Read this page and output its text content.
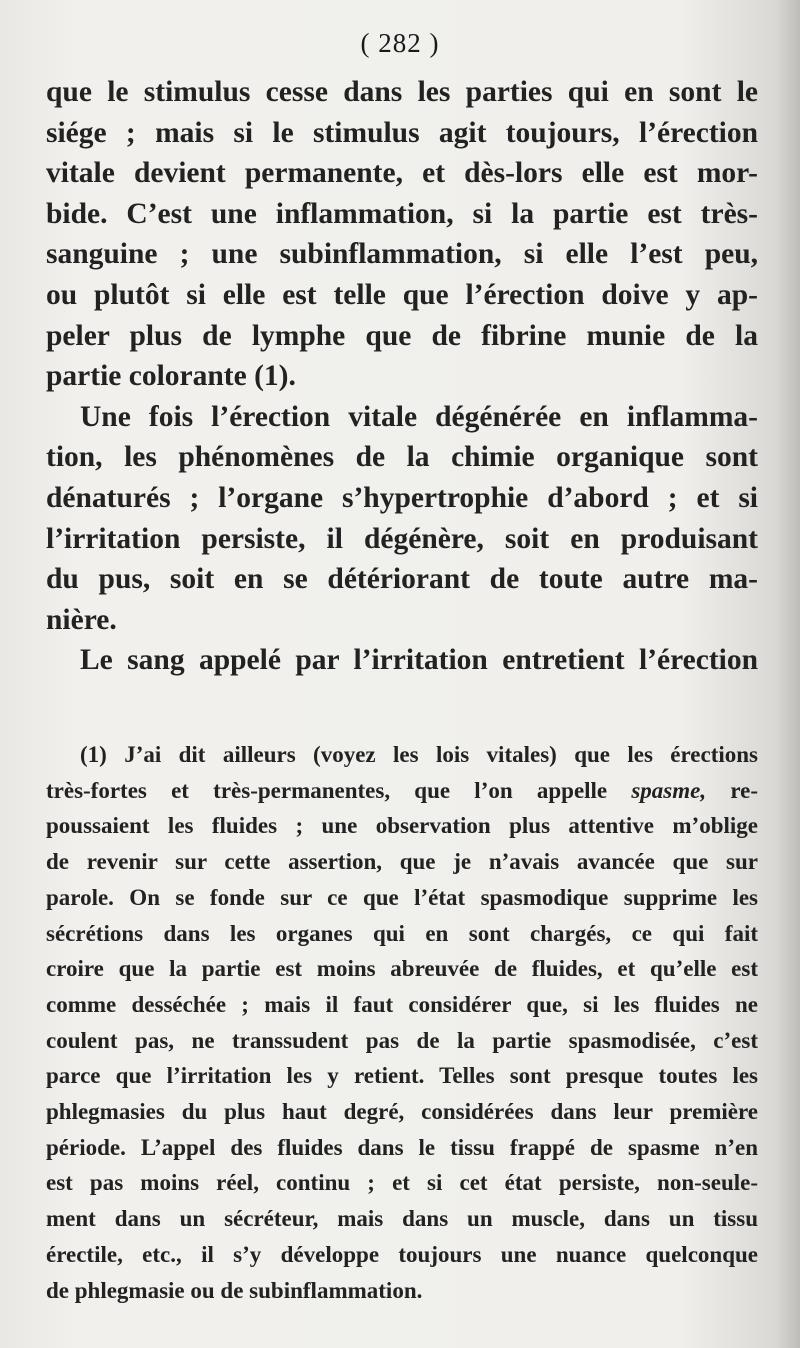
( 282 )
que le stimulus cesse dans les parties qui en sont le
siége ; mais si le stimulus agit toujours, l’érection
vitale devient permanente, et dès-lors elle est mor-
bide. C’est une inflammation, si la partie est très-
sanguine ; une subinflammation, si elle l’est peu,
ou plutôt si elle est telle que l’érection doive y ap-
peler plus de lymphe que de fibrine munie de la
partie colorante (1).
Une fois l’érection vitale dégénérée en inflamma-
tion, les phénomènes de la chimie organique sont
dénaturés ; l’organe s’hypertrophie d’abord ; et si
l’irritation persiste, il dégénère, soit en produisant
du pus, soit en se détériorant de toute autre ma-
nière.
Le sang appelé par l’irritation entretient l’érection
(1) J’ai dit ailleurs (voyez les lois vitales) que les érections
très-fortes et très-permanentes, que l’on appelle spasme, re-
poussaient les fluides ; une observation plus attentive m’oblige
de revenir sur cette assertion, que je n’avais avancée que sur
parole. On se fonde sur ce que l’état spasmodique supprime les
sécrétions dans les organes qui en sont chargés, ce qui fait
croire que la partie est moins abreuvée de fluides, et qu’elle est
comme desséchée ; mais il faut considérer que, si les fluides ne
coulent pas, ne transsudent pas de la partie spasmodisée, c’est
parce que l’irritation les y retient. Telles sont presque toutes les
phlegmasies du plus haut degré, considérées dans leur première
période. L’appel des fluides dans le tissu frappé de spasme n’en
est pas moins réel, continu ; et si cet état persiste, non-seule-
ment dans un sécréteur, mais dans un muscle, dans un tissu
érectile, etc., il s’y développe toujours une nuance quelconque
de phlegmasie ou de subinflammation.
